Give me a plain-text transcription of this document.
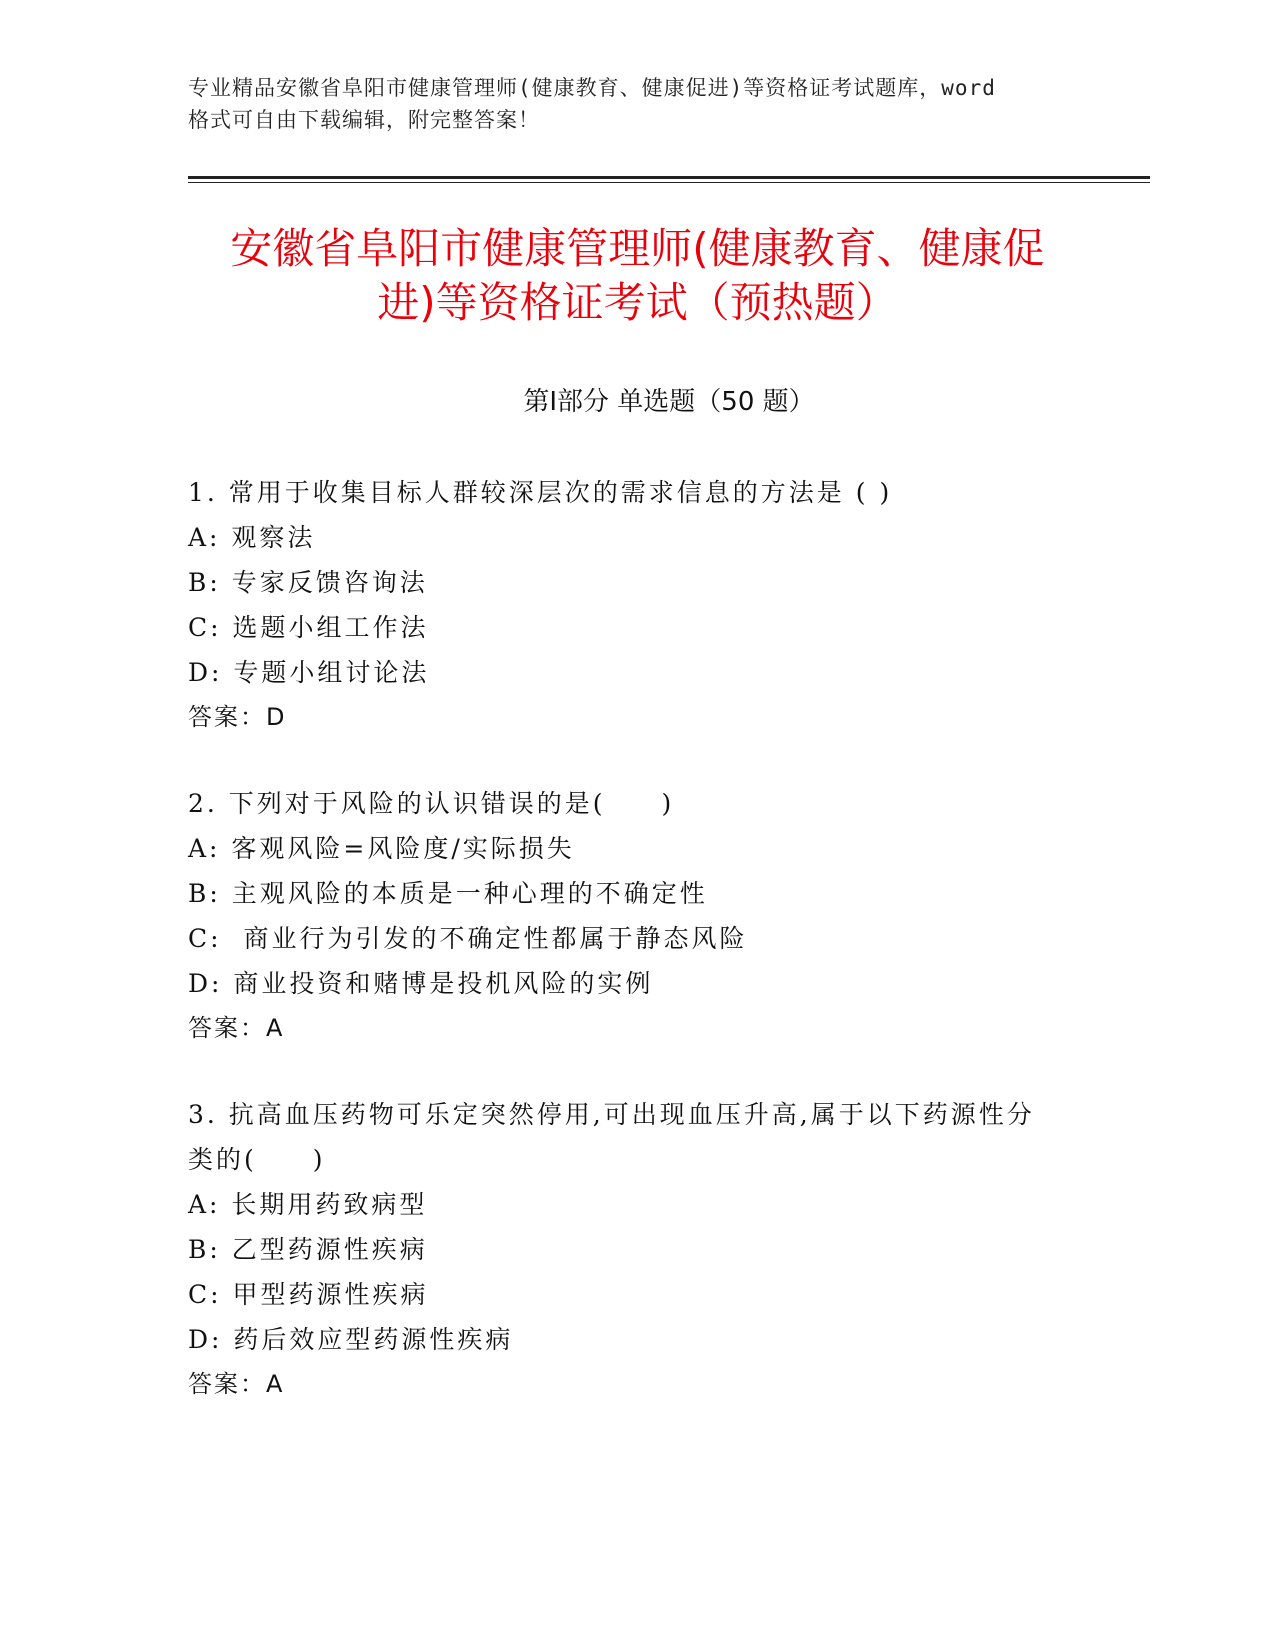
专业精品安徽省阜阳市健康管理师(健康教育、健康促进)等资格证考试题库，word
格式可自由下载编辑，附完整答案！
安徽省阜阳市健康管理师(健康教育、健康促
进)等资格证考试（预热题）
第Ⅰ部分 单选题（50 题）
1. 常用于收集目标人群较深层次的需求信息的方法是 ( )
A: 观察法
B: 专家反馈咨询法
C: 选题小组工作法
D: 专题小组讨论法
答案：D
2. 下列对于风险的认识错误的是(　　)
A: 客观风险=风险度/实际损失
B: 主观风险的本质是一种心理的不确定性
C:  商业行为引发的不确定性都属于静态风险
D: 商业投资和赌博是投机风险的实例
答案：A
3. 抗高血压药物可乐定突然停用,可出现血压升高,属于以下药源性分
类的(　　)
A: 长期用药致病型
B: 乙型药源性疾病
C: 甲型药源性疾病
D: 药后效应型药源性疾病
答案：A
